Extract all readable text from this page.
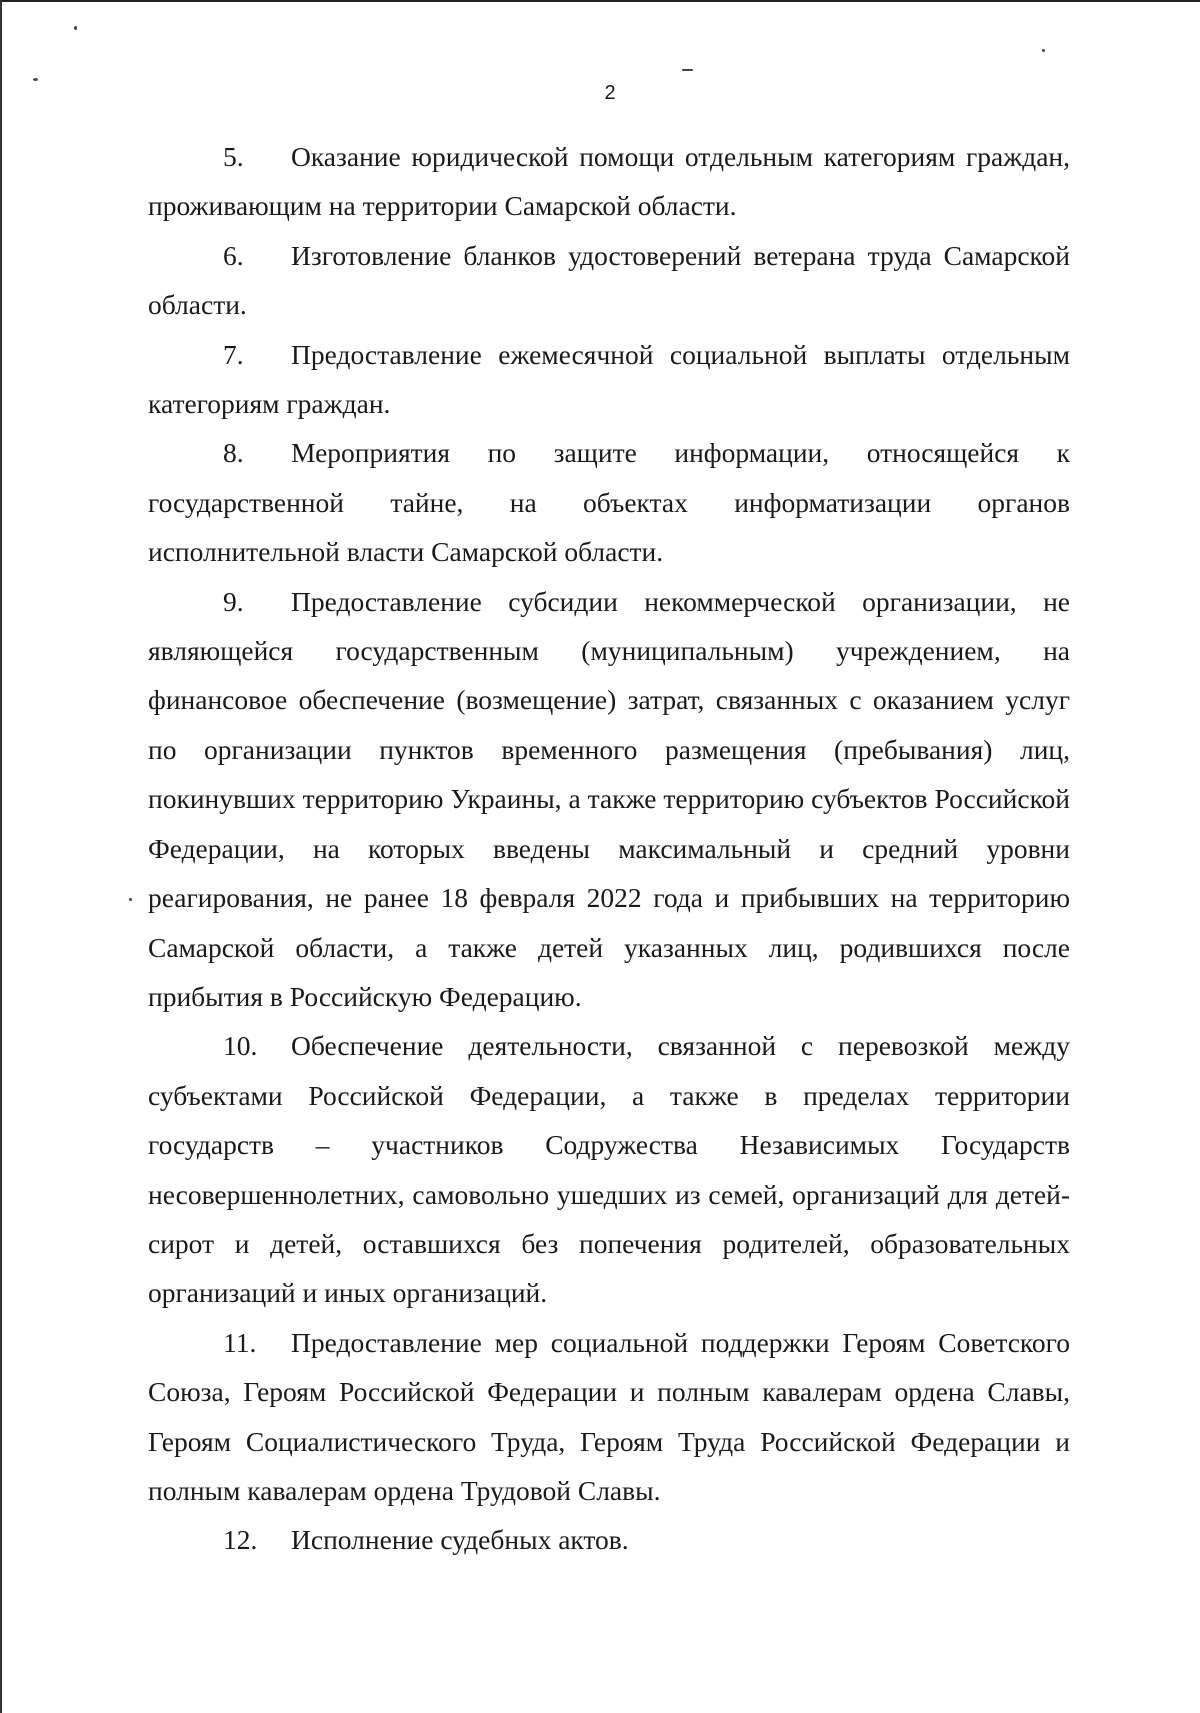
2

5. Оказание юридической помощи отдельным категориям граждан, проживающим на территории Самарской области.

6. Изготовление бланков удостоверений ветерана труда Самарской области.

7. Предоставление ежемесячной социальной выплаты отдельным категориям граждан.

8. Мероприятия по защите информации, относящейся к государственной тайне, на объектах информатизации органов исполнительной власти Самарской области.

9. Предоставление субсидии некоммерческой организации, не являющейся государственным (муниципальным) учреждением, на финансовое обеспечение (возмещение) затрат, связанных с оказанием услуг по организации пунктов временного размещения (пребывания) лиц, покинувших территорию Украины, а также территорию субъектов Российской Федерации, на которых введены максимальный и средний уровни реагирования, не ранее 18 февраля 2022 года и прибывших на территорию Самарской области, а также детей указанных лиц, родившихся после прибытия в Российскую Федерацию.

10. Обеспечение деятельности, связанной с перевозкой между субъектами Российской Федерации, а также в пределах территории государств – участников Содружества Независимых Государств несовершеннолетних, самовольно ушедших из семей, организаций для детей-сирот и детей, оставшихся без попечения родителей, образовательных организаций и иных организаций.

11. Предоставление мер социальной поддержки Героям Советского Союза, Героям Российской Федерации и полным кавалерам ордена Славы, Героям Социалистического Труда, Героям Труда Российской Федерации и полным кавалерам ордена Трудовой Славы.

12. Исполнение судебных актов.
